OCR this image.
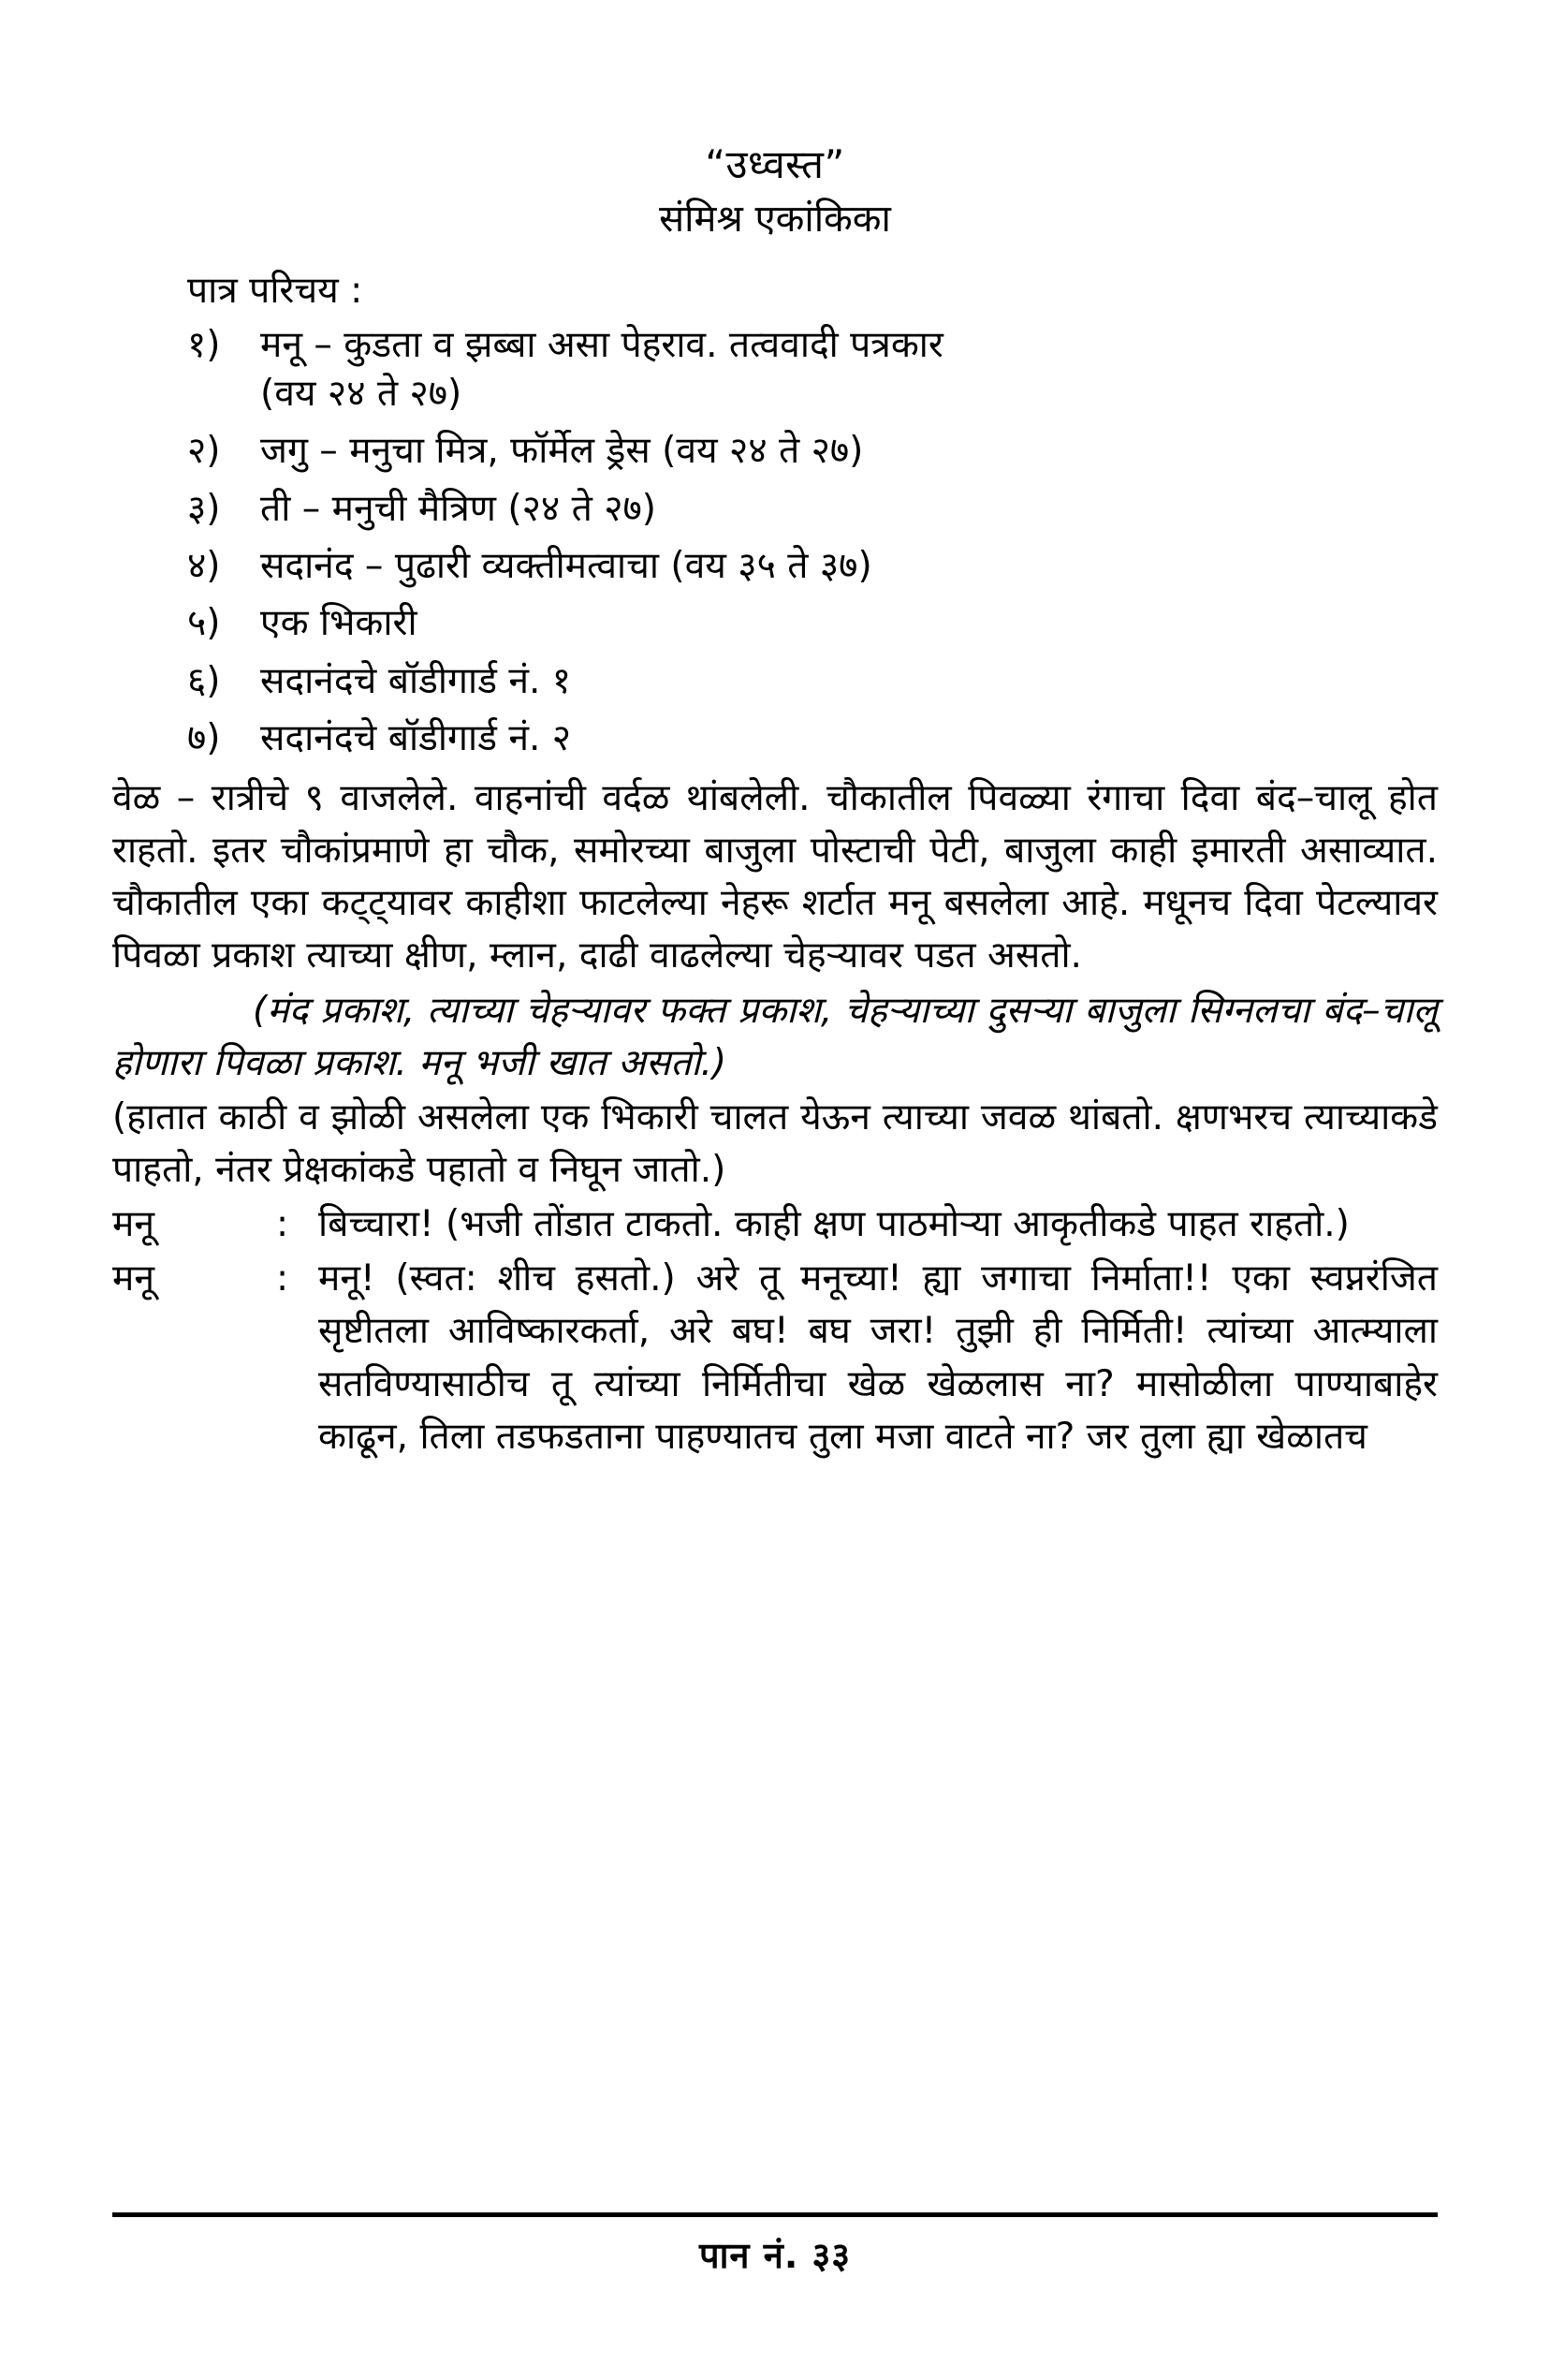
“उध्वस्त”
संमिश्र एकांकिका
पात्र परिचय :
१)	मनू – कुडता व झब्बा असा पेहराव. तत्ववादी पत्रकार
(वय २४ ते २७)
२)	जगु – मनुचा मित्र, फॉर्मेल ड्रेस (वय २४ ते २७)
३)	ती – मनुची मैत्रिण (२४ ते २७)
४)	सदानंद – पुढारी व्यक्तीमत्वाचा (वय ३५ ते ३७)
५)	एक भिकारी
६)	सदानंदचे बॉडीगार्ड नं. १
७)	सदानंदचे बॉडीगार्ड नं. २

वेळ – रात्रीचे ९ वाजलेले. वाहनांची वर्दळ थांबलेली. चौकातील पिवळ्या रंगाचा दिवा बंद–चालू होत राहतो. इतर चौकांप्रमाणे हा चौक, समोरच्या बाजुला पोस्टाची पेटी, बाजुला काही इमारती असाव्यात. चौकातील एका कट्ट्यावर काहीशा फाटलेल्या नेहरू शर्टात मनू बसलेला आहे. मधूनच दिवा पेटल्यावर पिवळा प्रकाश त्याच्या क्षीण, म्लान, दाढी वाढलेल्या चेहऱ्यावर पडत असतो.

(मंद प्रकाश, त्याच्या चेहऱ्यावर फक्त प्रकाश, चेहऱ्याच्या दुसऱ्या बाजुला सिग्नलचा बंद–चालू होणारा पिवळा प्रकाश. मनू भजी खात असतो.)

(हातात काठी व झोळी असलेला एक भिकारी चालत येऊन त्याच्या जवळ थांबतो. क्षणभरच त्याच्याकडे पाहतो, नंतर प्रेक्षकांकडे पहातो व निघून जातो.)

मनू	: बिच्चारा! (भजी तोंडात टाकतो. काही क्षण पाठमोऱ्या आकृतीकडे पाहत राहतो.)
मनू	: मनू! (स्वत: शीच हसतो.) अरे तू मनूच्या! ह्या जगाचा निर्माता!! एका स्वप्नरंजित सृष्टीतला आविष्कारकर्ता, अरे बघ! बघ जरा! तुझी ही निर्मिती! त्यांच्या आत्म्याला सतविण्यासाठीच तू त्यांच्या निर्मितीचा खेळ खेळलास ना? मासोळीला पाण्याबाहेर काढून, तिला तडफडताना पाहण्यातच तुला मजा वाटते ना? जर तुला ह्या खेळातच
पान नं. ३३
